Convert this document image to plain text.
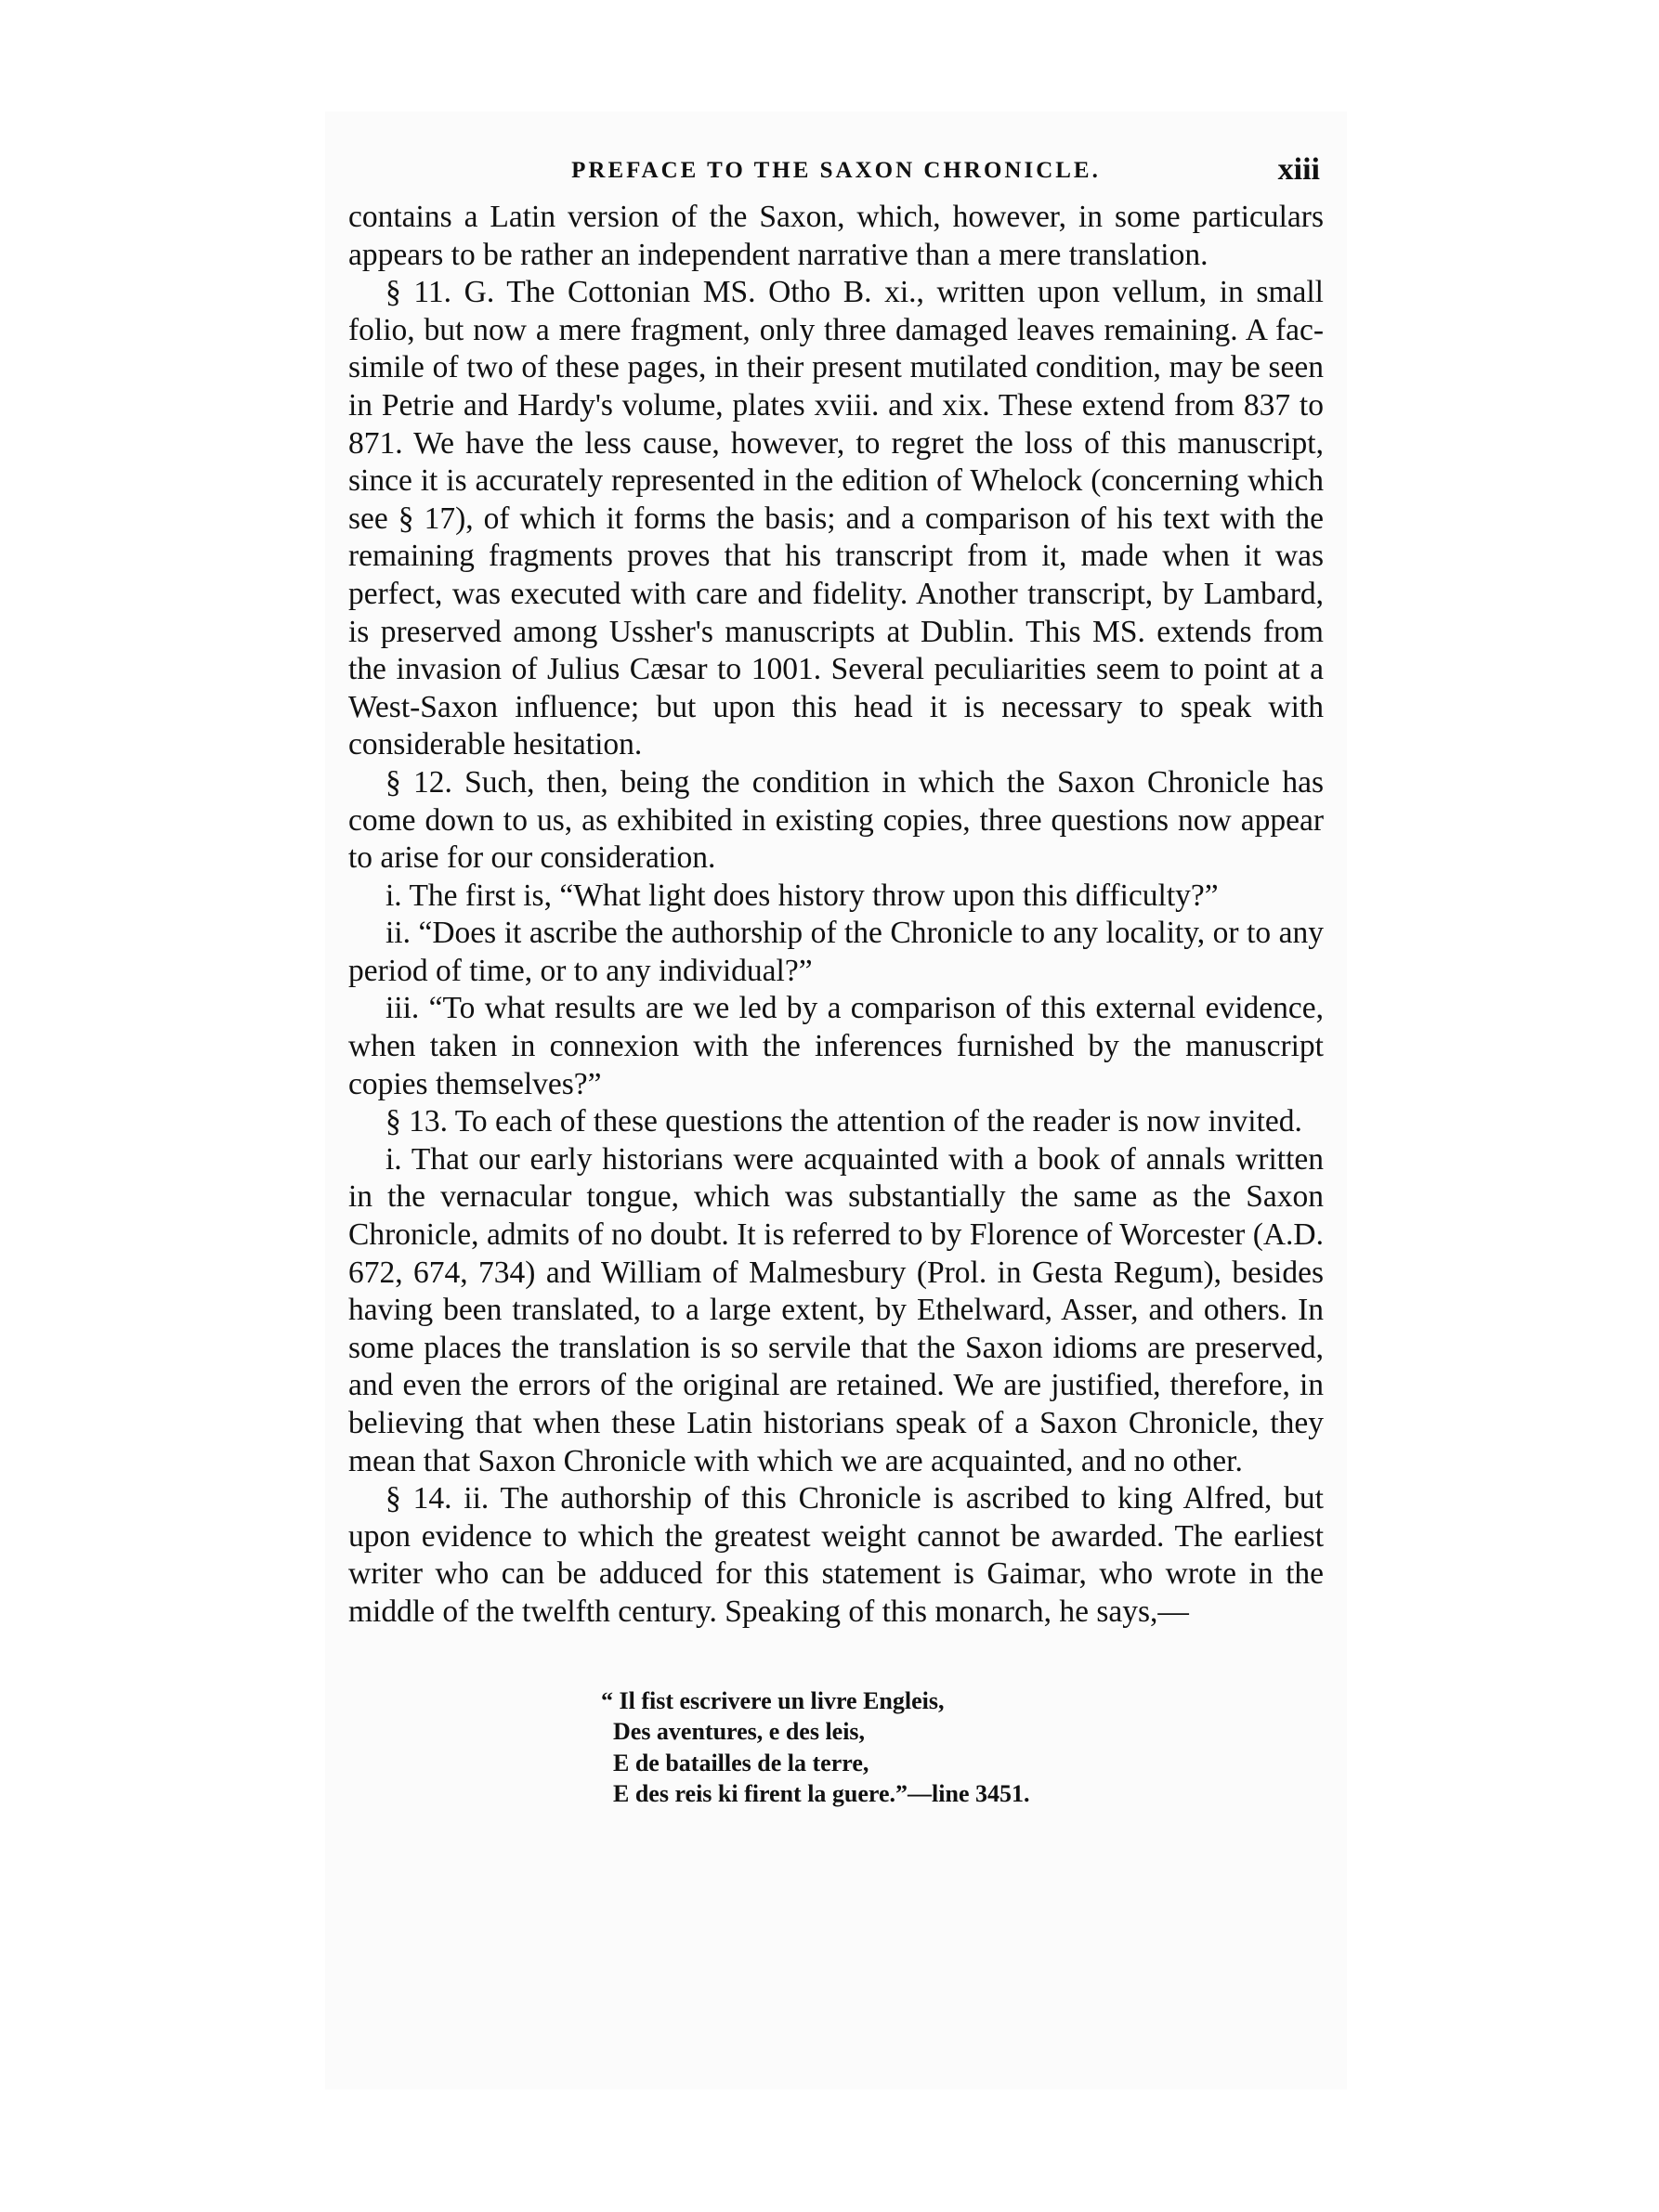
PREFACE TO THE SAXON CHRONICLE.	xiii

contains a Latin version of the Saxon, which, however, in some particulars appears to be rather an independent narrative than a mere translation.

§ 11. G. The Cottonian MS. Otho B. xi., written upon vellum, in small folio, but now a mere fragment, only three damaged leaves remaining. A fac-simile of two of these pages, in their present mutilated condition, may be seen in Petrie and Hardy's volume, plates xviii. and xix. These extend from 837 to 871. We have the less cause, however, to regret the loss of this manuscript, since it is accurately represented in the edition of Whelock (concerning which see § 17), of which it forms the basis; and a comparison of his text with the remaining fragments proves that his transcript from it, made when it was perfect, was executed with care and fidelity. Another transcript, by Lambard, is preserved among Ussher's manuscripts at Dublin. This MS. extends from the invasion of Julius Cæsar to 1001. Several peculiarities seem to point at a West-Saxon influence; but upon this head it is necessary to speak with considerable hesitation.

§ 12. Such, then, being the condition in which the Saxon Chronicle has come down to us, as exhibited in existing copies, three questions now appear to arise for our consideration.

i. The first is, “What light does history throw upon this difficulty?”

ii. “Does it ascribe the authorship of the Chronicle to any locality, or to any period of time, or to any individual?”

iii. “To what results are we led by a comparison of this external evidence, when taken in connexion with the inferences furnished by the manuscript copies themselves?”

§ 13. To each of these questions the attention of the reader is now invited.

i. That our early historians were acquainted with a book of annals written in the vernacular tongue, which was substantially the same as the Saxon Chronicle, admits of no doubt. It is referred to by Florence of Worcester (A.D. 672, 674, 734) and William of Malmesbury (Prol. in Gesta Regum), besides having been translated, to a large extent, by Ethelward, Asser, and others. In some places the translation is so servile that the Saxon idioms are preserved, and even the errors of the original are retained. We are justified, therefore, in believing that when these Latin historians speak of a Saxon Chronicle, they mean that Saxon Chronicle with which we are acquainted, and no other.

§ 14. ii. The authorship of this Chronicle is ascribed to king Alfred, but upon evidence to which the greatest weight cannot be awarded. The earliest writer who can be adduced for this statement is Gaimar, who wrote in the middle of the twelfth century. Speaking of this monarch, he says,—

“ Il fist escrivere un livre Engleis,
Des aventures, e des leis,
E de batailles de la terre,
E des reis ki firent la guere.”—line 3451.
